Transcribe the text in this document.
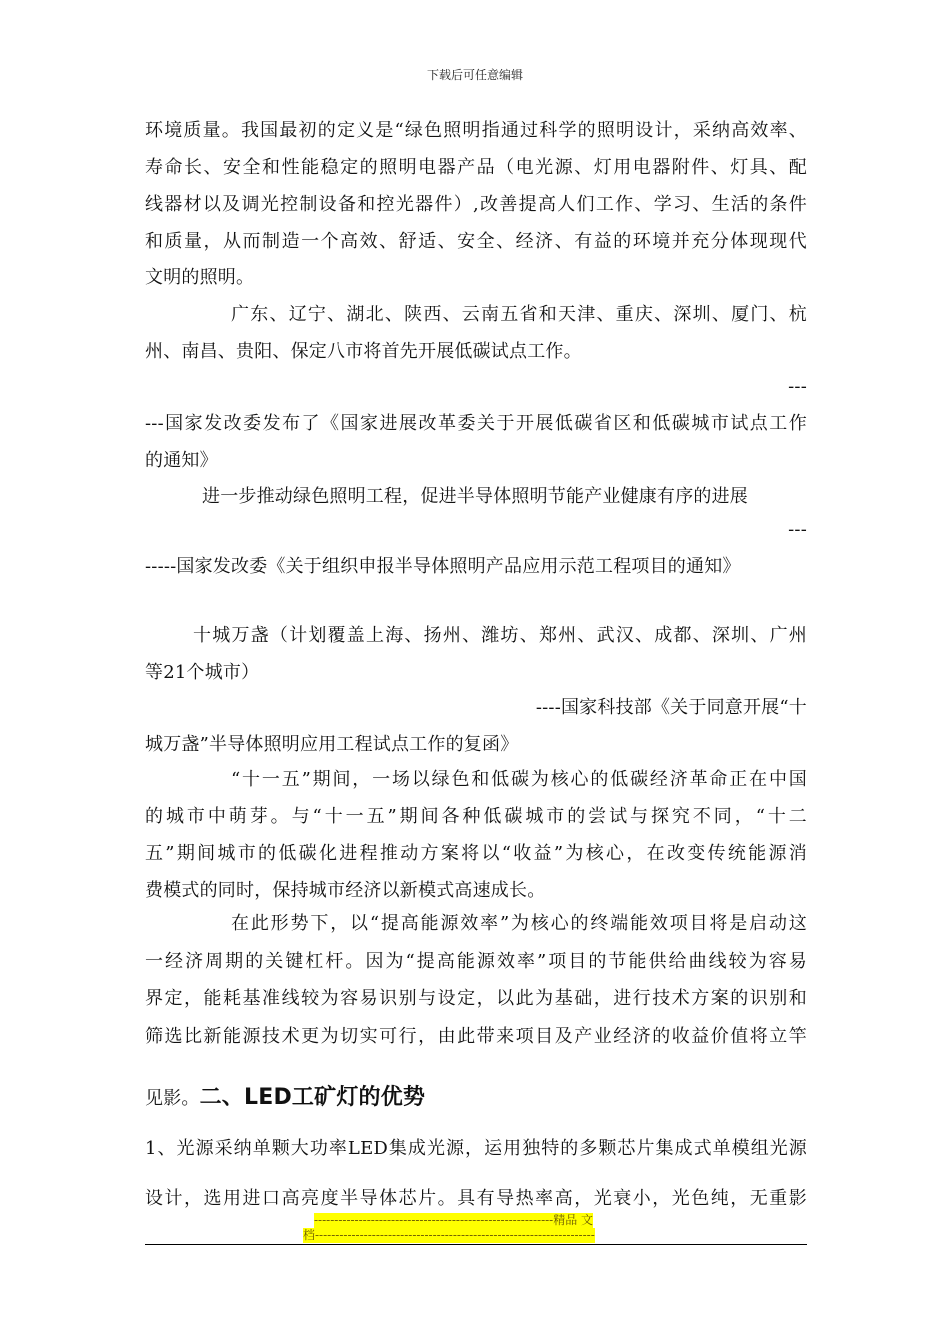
下载后可任意编辑
环境质量。我国最初的定义是“绿色照明指通过科学的照明设计，采纳高效率、
寿命长、安全和性能稳定的照明电器产品（电光源、灯用电器附件、灯具、配
线器材以及调光控制设备和控光器件）,改善提高人们工作、学习、生活的条件
和质量，从而制造一个高效、舒适、安全、经济、有益的环境并充分体现现代
文明的照明。
广东、辽宁、湖北、陕西、云南五省和天津、重庆、深圳、厦门、杭
州、南昌、贵阳、保定八市将首先开展低碳试点工作。
---
---国家发改委发布了《国家进展改革委关于开展低碳省区和低碳城市试点工作
的通知》
进一步推动绿色照明工程，促进半导体照明节能产业健康有序的进展
---
-----国家发改委《关于组织申报半导体照明产品应用示范工程项目的通知》
十城万盏（计划覆盖上海、扬州、潍坊、郑州、武汉、成都、深圳、广州
等21个城市）
----国家科技部《关于同意开展“十
城万盏”半导体照明应用工程试点工作的复函》
“十一五”期间，一场以绿色和低碳为核心的低碳经济革命正在中国
的城市中萌芽。与“十一五”期间各种低碳城市的尝试与探究不同，“十二
五”期间城市的低碳化进程推动方案将以“收益”为核心，在改变传统能源消
费模式的同时，保持城市经济以新模式高速成长。
在此形势下，以“提高能源效率”为核心的终端能效项目将是启动这
一经济周期的关键杠杆。因为“提高能源效率”项目的节能供给曲线较为容易
界定，能耗基准线较为容易识别与设定，以此为基础，进行技术方案的识别和
筛选比新能源技术更为切实可行，由此带来项目及产业经济的收益价值将立竿
见影。二、LED工矿灯的优势
1、光源采纳单颗大功率LED集成光源，运用独特的多颗芯片集成式单模组光源
设计，选用进口高亮度半导体芯片。具有导热率高，光衰小，光色纯，无重影
-----------------------------------------------------------精品 文
档---------------------------------------------------------------------
